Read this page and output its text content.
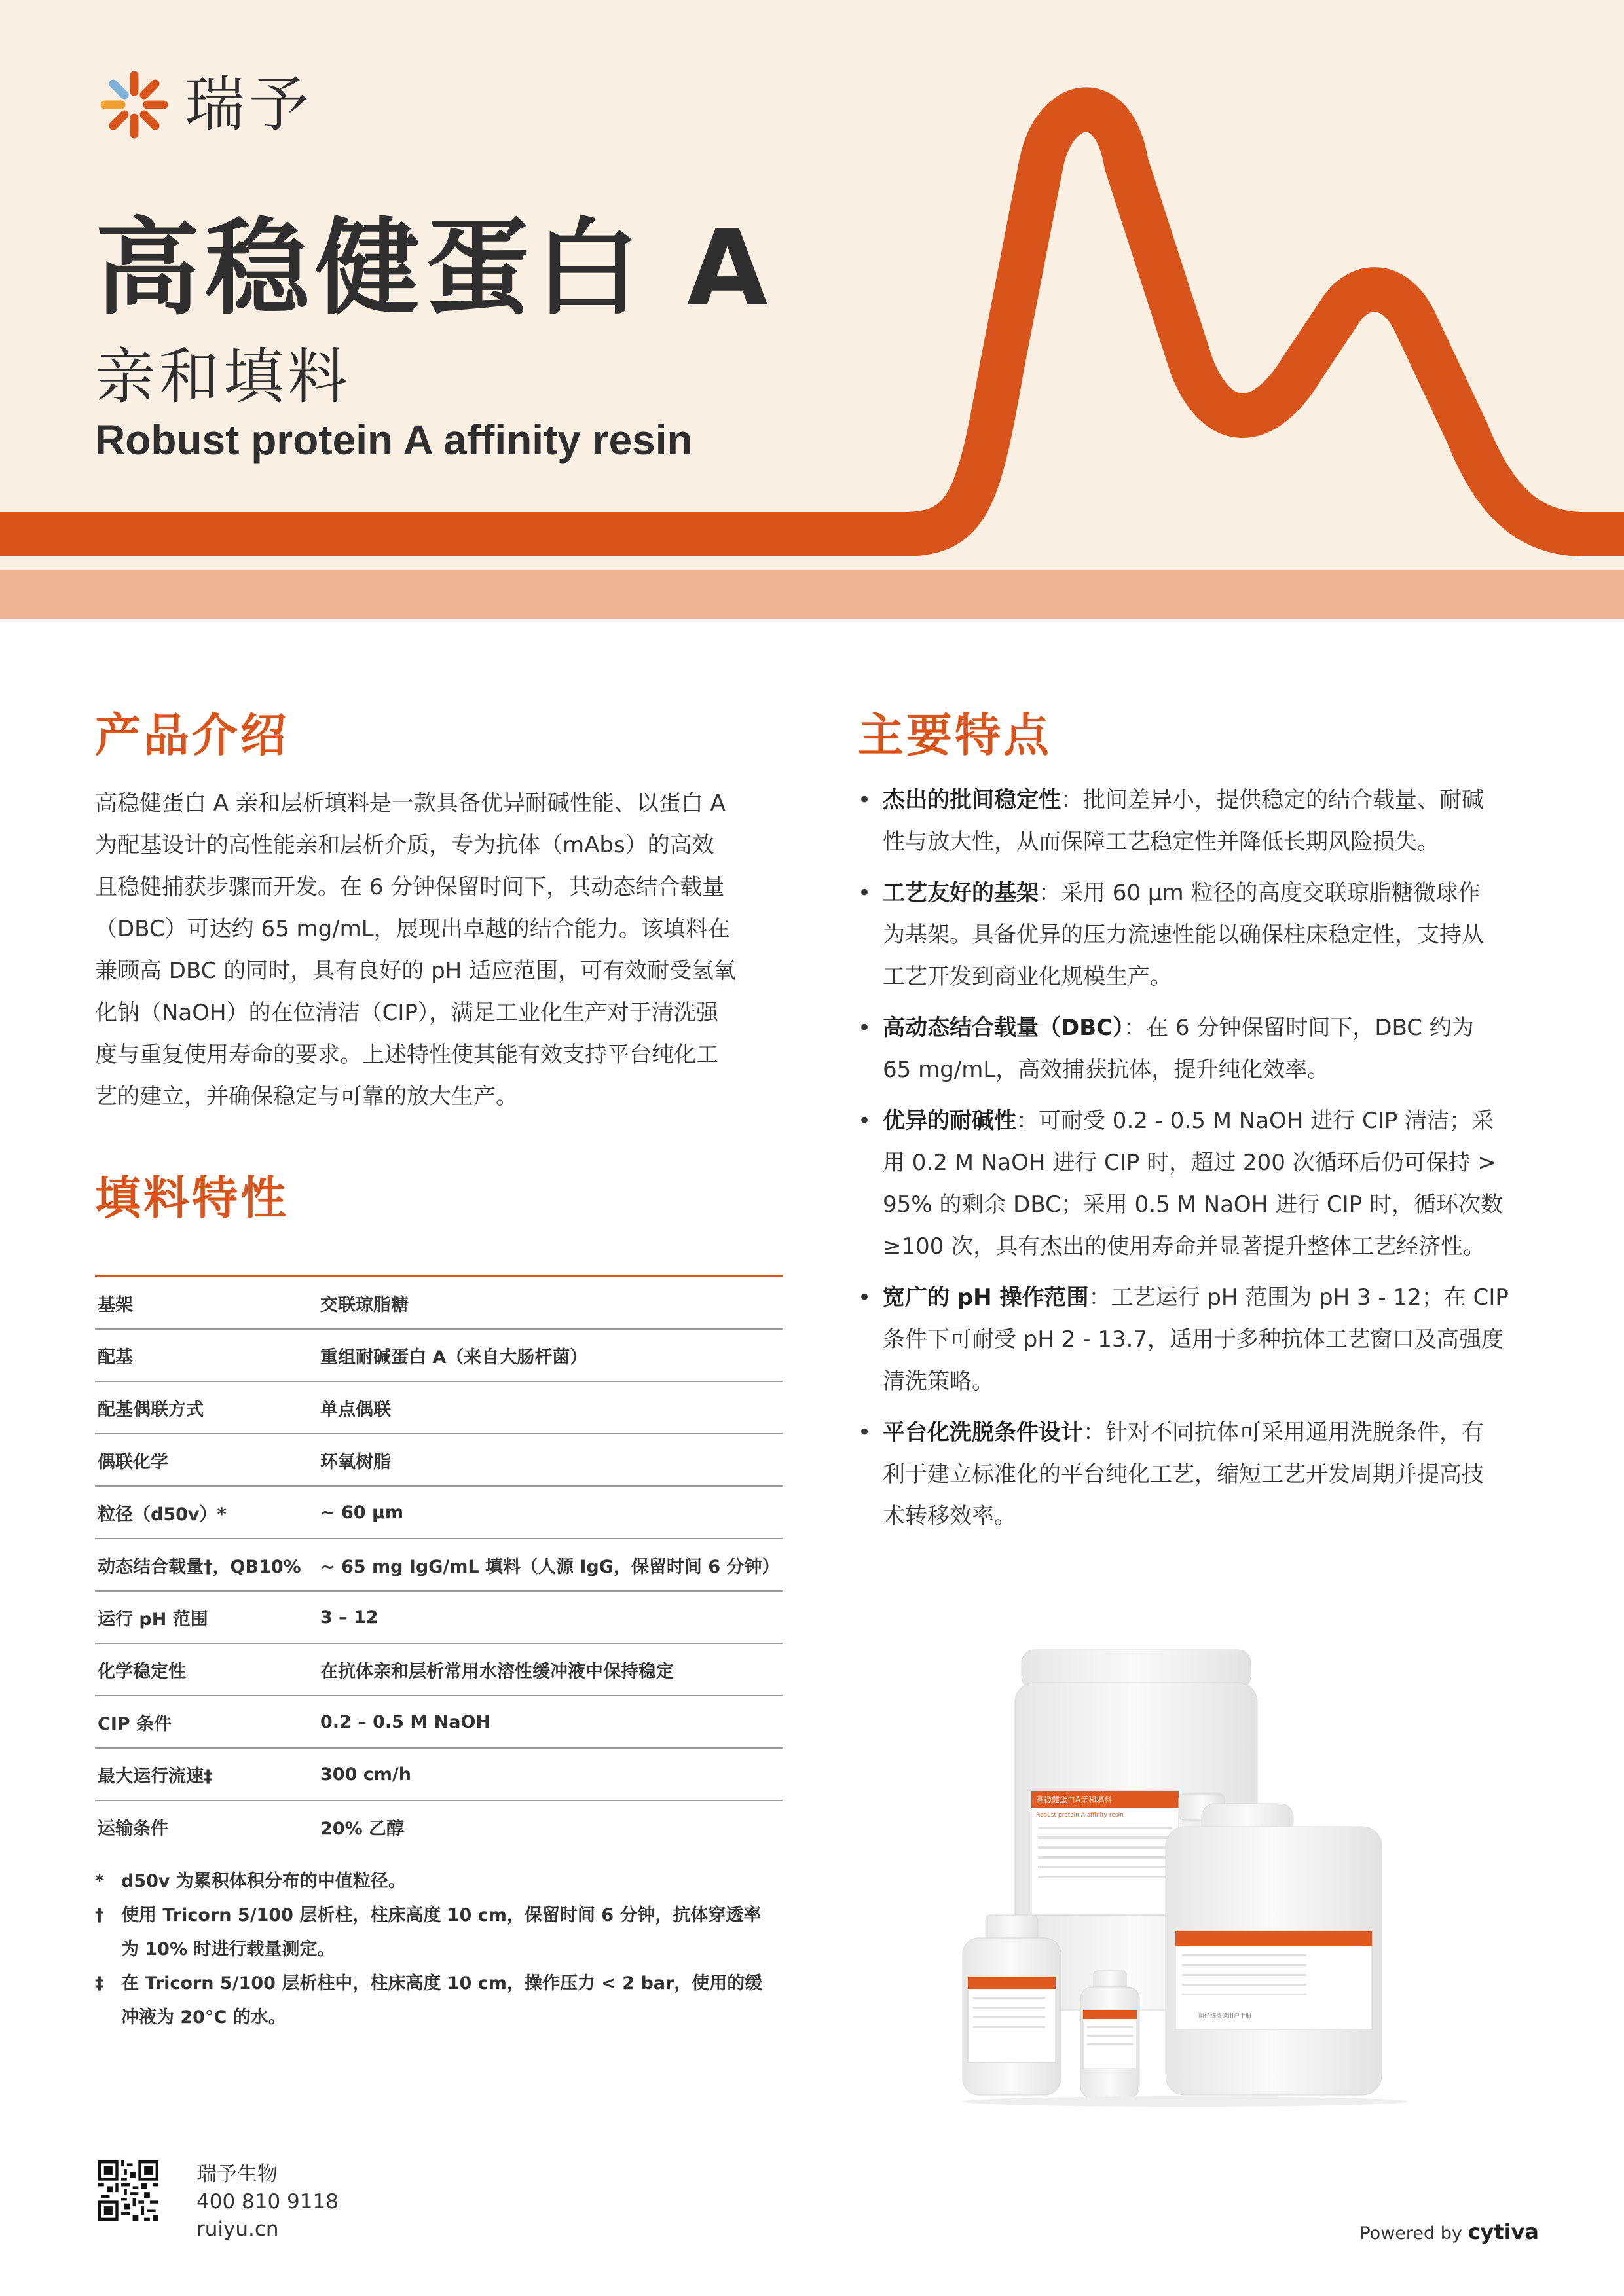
瑞予
高稳健蛋白 A
亲和填料
Robust protein A affinity resin
产品介绍
高稳健蛋白 A 亲和层析填料是一款具备优异耐碱性能、以蛋白 A
为配基设计的高性能亲和层析介质，专为抗体（mAbs）的高效
且稳健捕获步骤而开发。在 6 分钟保留时间下，其动态结合载量
（DBC）可达约 65 mg/mL，展现出卓越的结合能力。该填料在
兼顾高 DBC 的同时，具有良好的 pH 适应范围，可有效耐受氢氧
化钠（NaOH）的在位清洁（CIP），满足工业化生产对于清洗强
度与重复使用寿命的要求。上述特性使其能有效支持平台纯化工
艺的建立，并确保稳定与可靠的放大生产。
填料特性
基架	交联琼脂糖
配基	重组耐碱蛋白 A（来自大肠杆菌）
配基偶联方式	单点偶联
偶联化学	环氧树脂
粒径（d50v）*	~ 60 μm
动态结合载量†，QB10%	~ 65 mg IgG/mL 填料（人源 IgG，保留时间 6 分钟）
运行 pH 范围	3 – 12
化学稳定性	在抗体亲和层析常用水溶性缓冲液中保持稳定
CIP 条件	0.2 – 0.5 M NaOH
最大运行流速‡	300 cm/h
运输条件	20% 乙醇
* d50v 为累积体积分布的中值粒径。
† 使用 Tricorn 5/100 层析柱，柱床高度 10 cm，保留时间 6 分钟，抗体穿透率
为 10% 时进行载量测定。
‡ 在 Tricorn 5/100 层析柱中，柱床高度 10 cm，操作压力 < 2 bar，使用的缓
冲液为 20°C 的水。
主要特点
• 杰出的批间稳定性：批间差异小，提供稳定的结合载量、耐碱
性与放大性，从而保障工艺稳定性并降低长期风险损失。
• 工艺友好的基架：采用 60 μm 粒径的高度交联琼脂糖微球作
为基架。具备优异的压力流速性能以确保柱床稳定性，支持从
工艺开发到商业化规模生产。
• 高动态结合载量（DBC）：在 6 分钟保留时间下，DBC 约为
65 mg/mL，高效捕获抗体，提升纯化效率。
• 优异的耐碱性：可耐受 0.2 - 0.5 M NaOH 进行 CIP 清洁；采
用 0.2 M NaOH 进行 CIP 时，超过 200 次循环后仍可保持 >
95% 的剩余 DBC；采用 0.5 M NaOH 进行 CIP 时，循环次数
≥100 次，具有杰出的使用寿命并显著提升整体工艺经济性。
• 宽广的 pH 操作范围：工艺运行 pH 范围为 pH 3 - 12；在 CIP
条件下可耐受 pH 2 - 13.7，适用于多种抗体工艺窗口及高强度
清洗策略。
• 平台化洗脱条件设计：针对不同抗体可采用通用洗脱条件，有
利于建立标准化的平台纯化工艺，缩短工艺开发周期并提高技
术转移效率。
高稳健蛋白A亲和填料
Robust protein A affinity resin
请仔细阅读用户手册
瑞予生物
400 810 9118
ruiyu.cn	Powered by cytiva
